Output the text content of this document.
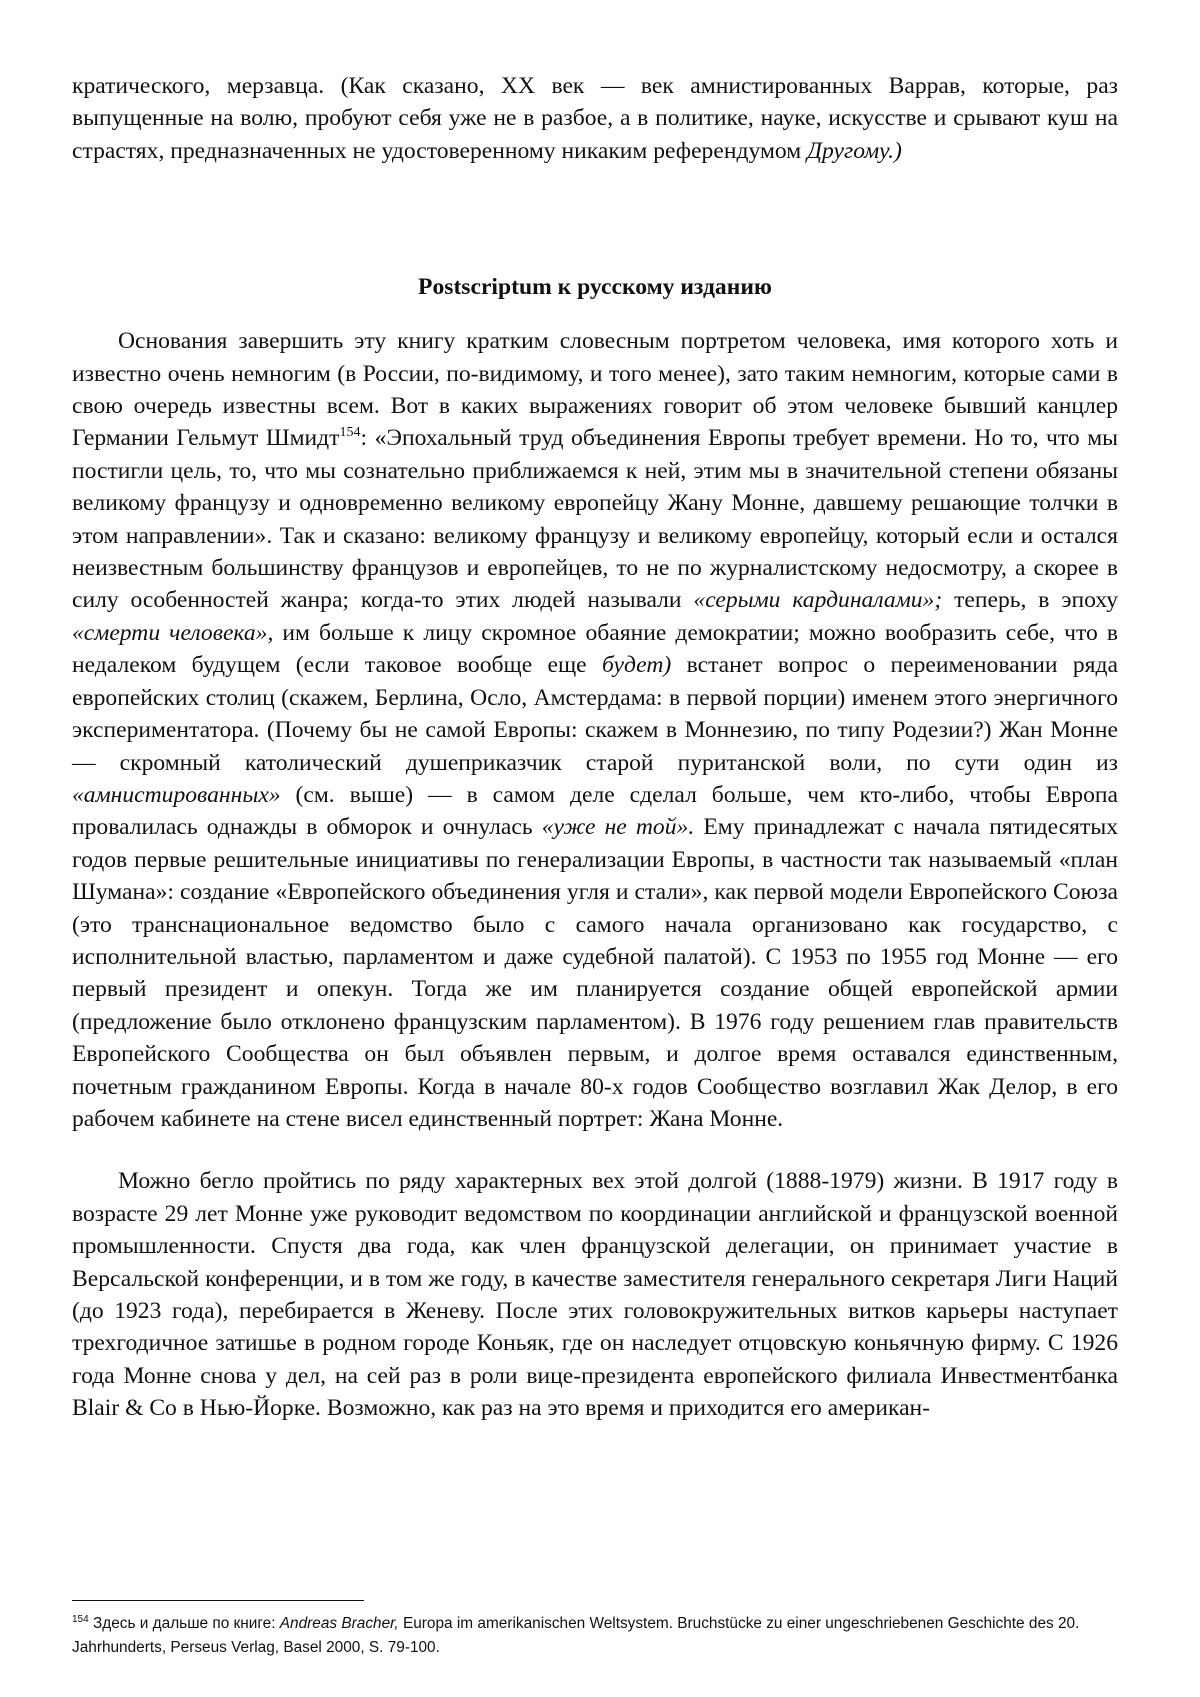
кратического, мерзавца. (Как сказано, XX век — век амнистированных Варрав, которые, раз выпущенные на волю, пробуют себя уже не в разбое, а в политике, науке, искусстве и срывают куш на страстях, предназначенных не удостоверенному никаким референдумом Другому.)

Postscriptum к русскому изданию

Основания завершить эту книгу кратким словесным портретом человека, имя которого хоть и известно очень немногим (в России, по-видимому, и того менее), зато таким немногим, которые сами в свою очередь известны всем. Вот в каких выражениях говорит об этом человеке бывший канцлер Германии Гельмут Шмидт$^{154}$: «Эпохальный труд объединения Европы требует времени. Но то, что мы постигли цель, то, что мы сознательно приближаемся к ней, этим мы в значительной степени обязаны великому французу и одновременно великому европейцу Жану Монне, давшему решающие толчки в этом направлении». Так и сказано: великому французу и великому европейцу, который если и остался неизвестным большинству французов и европейцев, то не по журналистскому недосмотру, а скорее в силу особенностей жанра; когда-то этих людей называли «серыми кардиналами»; теперь, в эпоху «смерти человека», им больше к лицу скромное обаяние демократии; можно вообразить себе, что в недалеком будущем (если таковое вообще еще будет) встанет вопрос о переименовании ряда европейских столиц (скажем, Берлина, Осло, Амстердама: в первой порции) именем этого энергичного экспериментатора. (Почему бы не самой Европы: скажем в Моннезию, по типу Родезии?) Жан Монне — скромный католический душеприказчик старой пуританской воли, по сути один из «амнистированных» (см. выше) — в самом деле сделал больше, чем кто-либо, чтобы Европа провалилась однажды в обморок и очнулась «уже не той». Ему принадлежат с начала пятидесятых годов первые решительные инициативы по генерализации Европы, в частности так называемый «план Шумана»: создание «Европейского объединения угля и стали», как первой модели Европейского Союза (это транснациональное ведомство было с самого начала организовано как государство, с исполнительной властью, парламентом и даже судебной палатой). С 1953 по 1955 год Монне — его первый президент и опекун. Тогда же им планируется создание общей европейской армии (предложение было отклонено французским парламентом). В 1976 году решением глав правительств Европейского Сообщества он был объявлен первым, и долгое время оставался единственным, почетным гражданином Европы. Когда в начале 80-х годов Сообщество возглавил Жак Делор, в его рабочем кабинете на стене висел единственный портрет: Жана Монне.

Можно бегло пройтись по ряду характерных вех этой долгой (1888-1979) жизни. В 1917 году в возрасте 29 лет Монне уже руководит ведомством по координации английской и французской военной промышленности. Спустя два года, как член французской делегации, он принимает участие в Версальской конференции, и в том же году, в качестве заместителя генерального секретаря Лиги Наций (до 1923 года), перебирается в Женеву. После этих головокружительных витков карьеры наступает трехгодичное затишье в родном городе Коньяк, где он наследует отцовскую коньячную фирму. С 1926 года Монне снова у дел, на сей раз в роли вице-президента европейского филиала Инвестментбанка Blair & Co в Нью-Йорке. Возможно, как раз на это время и приходится его американ-

$^{154}$ Здесь и дальше по книге: Andreas Bracher, Europa im amerikanischen Weltsystem. Bruchstücke zu einer ungeschriebenen Geschichte des 20. Jahrhunderts, Perseus Verlag, Basel 2000, S. 79-100.
